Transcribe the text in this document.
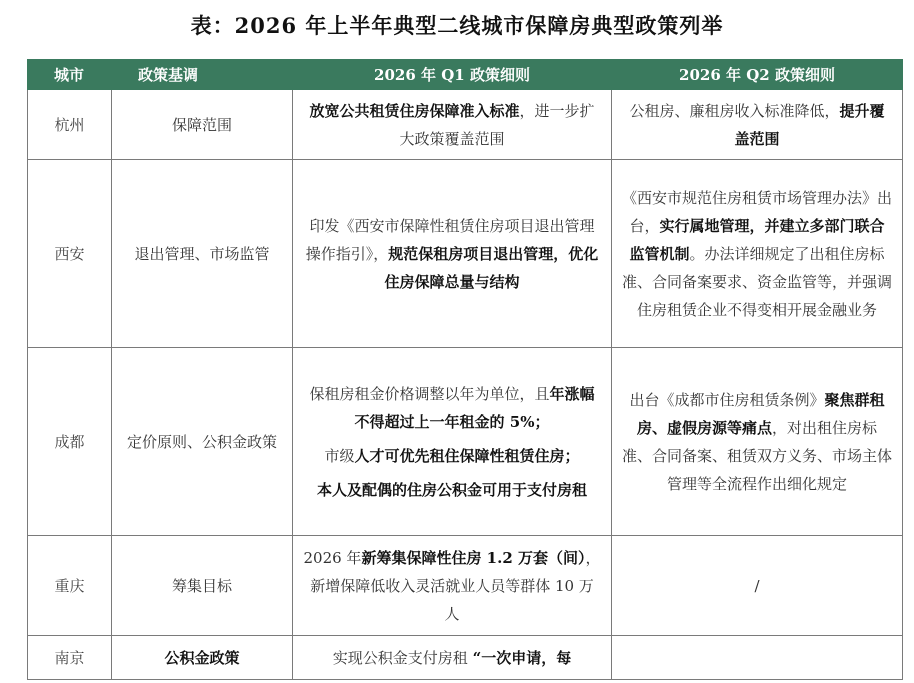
表：2026 年上半年典型二线城市保障房典型政策列举
城市	政策基调	2026 年 Q1 政策细则	2026 年 Q2 政策细则
杭州	保障范围	放宽公共租赁住房保障准入标准，进一步扩大政策覆盖范围	公租房、廉租房收入标准降低，提升覆盖范围
西安	退出管理、市场监管	印发《西安市保障性租赁住房项目退出管理操作指引》，规范保租房项目退出管理，优化住房保障总量与结构	《西安市规范住房租赁市场管理办法》出台，实行属地管理，并建立多部门联合监管机制。办法详细规定了出租住房标准、合同备案要求、资金监管等，并强调住房租赁企业不得变相开展金融业务
成都	定价原则、公积金政策	保租房租金价格调整以年为单位，且年涨幅不得超过上一年租金的 5%；
市级人才可优先租住保障性租赁住房；
本人及配偶的住房公积金可用于支付房租	出台《成都市住房租赁条例》聚焦群租房、虚假房源等痛点，对出租住房标准、合同备案、租赁双方义务、市场主体管理等全流程作出细化规定
重庆	筹集目标	2026 年新筹集保障性住房 1.2 万套（间），新增保障低收入灵活就业人员等群体 10 万人	/
南京	公积金政策	实现公积金支付房租 “一次申请，每	
